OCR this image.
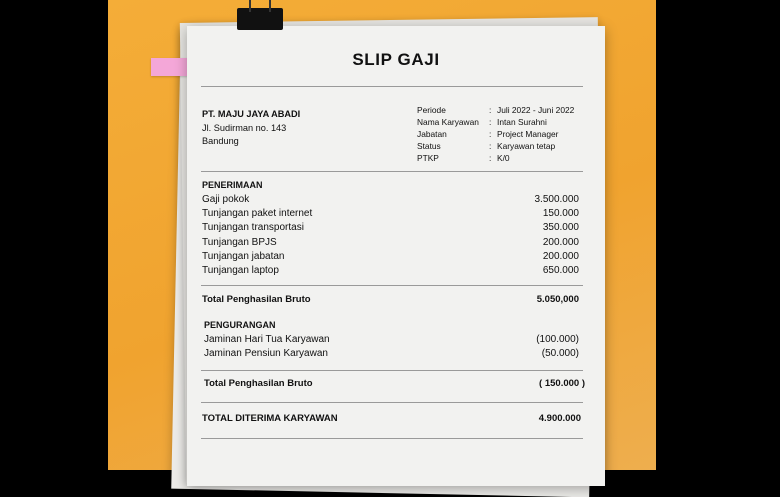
SLIP GAJI
PT. MAJU JAYA ABADI
Jl. Sudirman no. 143
Bandung
Periode	: Juli 2022 - Juni 2022
Nama Karyawan : Intan Surahni
Jabatan	: Project Manager
Status	: Karyawan tetap
PTKP	: K/0
PENERIMAAN
Gaji pokok	3.500.000
Tunjangan paket internet	150.000
Tunjangan transportasi	350.000
Tunjangan BPJS	200.000
Tunjangan jabatan	200.000
Tunjangan laptop	650.000
Total Penghasilan Bruto	5.050,000
PENGURANGAN
Jaminan Hari Tua Karyawan	(100.000)
Jaminan Pensiun Karyawan	(50.000)
Total Penghasilan Bruto	( 150.000 )
TOTAL DITERIMA KARYAWAN	4.900.000
